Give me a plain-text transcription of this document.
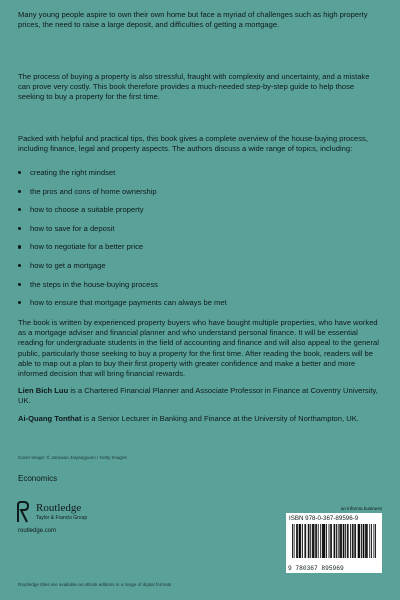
Many young people aspire to own their own home but face a myriad of challenges such as high property prices, the need to raise a large deposit, and difficulties of getting a mortgage.

The process of buying a property is also stressful, fraught with complexity and uncertainty, and a mistake can prove very costly. This book therefore provides a much-needed step-by-step guide to help those seeking to buy a property for the first time.

Packed with helpful and practical tips, this book gives a complete overview of the house-buying process, including finance, legal and property aspects. The authors discuss a wide range of topics, including:

creating the right mindset
the pros and cons of home ownership
how to choose a suitable property
how to save for a deposit
how to negotiate for a better price
how to get a mortgage
the steps in the house-buying process
how to ensure that mortgage payments can always be met

The book is written by experienced property buyers who have bought multiple properties, who have worked as a mortgage adviser and financial planner and who understand personal finance. It will be essential reading for undergraduate students in the field of accounting and finance and will also appeal to the general public, particularly those seeking to buy a property for the first time. After reading the book, readers will be able to map out a plan to buy their first property with greater confidence and make a better and more informed decision that will bring financial rewards.

Lien Bich Luu is a Chartered Financial Planner and Associate Professor in Finance at Coventry University, UK.

Ai-Quang Tonthat is a Senior Lecturer in Banking and Finance at the University of Northampton, UK.

Cover image: © Jaruwan Jaiyangyuen / Getty Images
Economics
Routledge
Taylor & Francis Group
routledge.com
an informa business
ISBN 978-0-367-89596-9
9 780367 895969
Routledge titles are available as eBook editions in a range of digital formats
